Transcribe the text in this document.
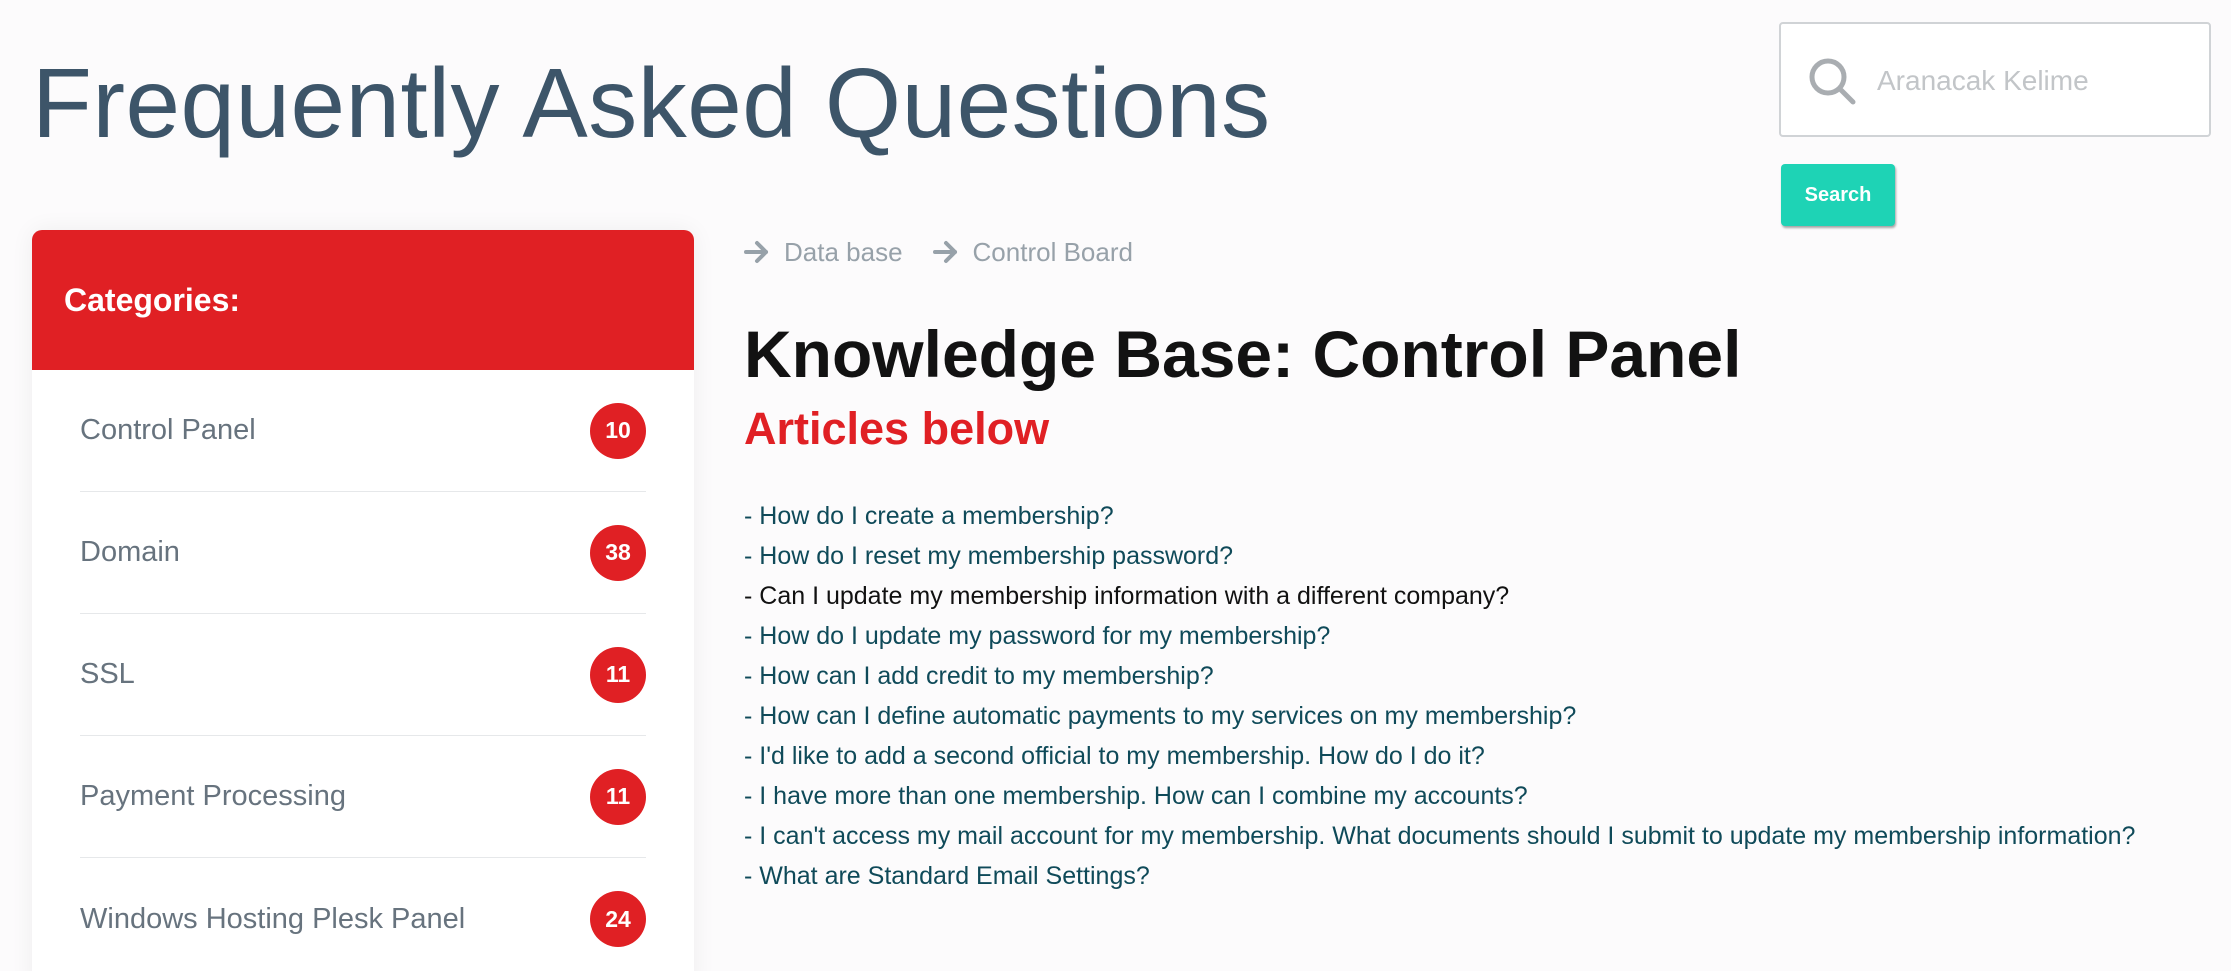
Frequently Asked Questions
Aranacak Kelime
Search
Categories:
Control Panel	10
Domain	38
SSL	11
Payment Processing	11
Windows Hosting Plesk Panel	24
Data base	Control Board
Knowledge Base: Control Panel
Articles below
- How do I create a membership?
- How do I reset my membership password?
- Can I update my membership information with a different company?
- How do I update my password for my membership?
- How can I add credit to my membership?
- How can I define automatic payments to my services on my membership?
- I'd like to add a second official to my membership. How do I do it?
- I have more than one membership. How can I combine my accounts?
- I can't access my mail account for my membership. What documents should I submit to update my membership information?
- What are Standard Email Settings?
